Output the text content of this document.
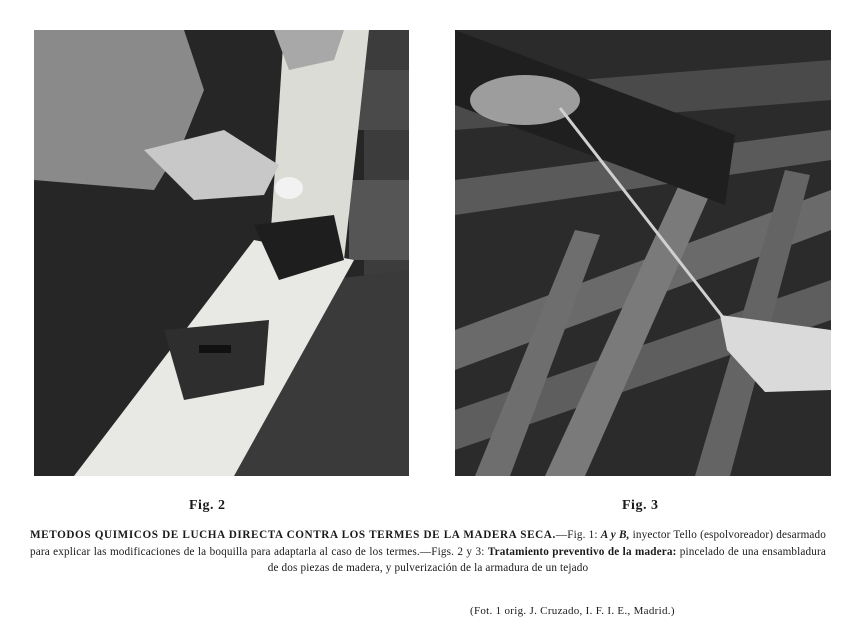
Fig. 2	Fig. 3
METODOS QUIMICOS DE LUCHA DIRECTA CONTRA LOS TERMES DE LA MADERA SECA.—Fig. 1: A y B, inyector Tello (espolvoreador) desarmado para explicar las modificaciones de la boquilla para adaptarla al caso de los termes.—Figs. 2 y 3: Tratamiento preventivo de la madera: pincelado de una ensambladura de dos piezas de madera, y pulverización de la armadura de un tejado
(Fot. 1 orig. J. Cruzado, I. F. I. E., Madrid.)
